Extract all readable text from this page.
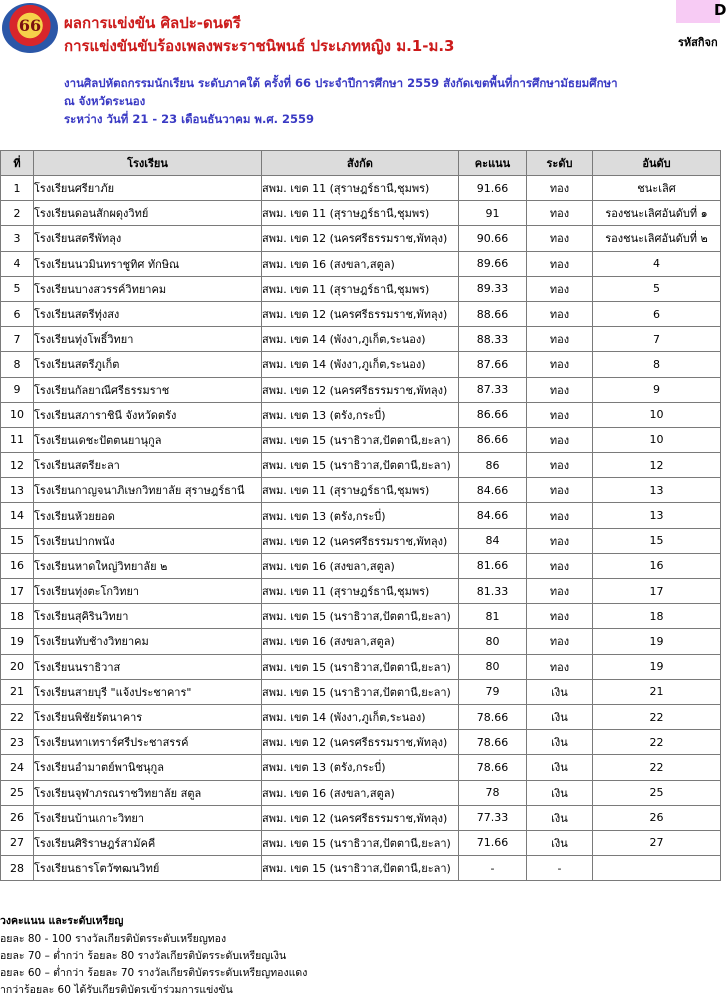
66	ผลการแข่งขัน ศิลปะ-ดนตรี
การแข่งขันขับร้องเพลงพระราชนิพนธ์ ประเภทหญิง ม.1-ม.3
D
รหัสกิจก
งานศิลปหัตถกรรมนักเรียน ระดับภาคใต้ ครั้งที่ 66 ประจำปีการศึกษา 2559 สังกัดเขตพื้นที่การศึกษามัธยมศึกษา
ณ จังหวัดระนอง
ระหว่าง วันที่ 21 - 23 เดือนธันวาคม พ.ศ. 2559
ที่	โรงเรียน	สังกัด	คะแนน	ระดับ	อันดับ
1	โรงเรียนศรียาภัย	สพม. เขต 11 (สุราษฎร์ธานี,ชุมพร)	91.66	ทอง	ชนะเลิศ
2	โรงเรียนดอนสักผดุงวิทย์	สพม. เขต 11 (สุราษฎร์ธานี,ชุมพร)	91	ทอง	รองชนะเลิศอันดับที่ ๑
3	โรงเรียนสตรีพัทลุง	สพม. เขต 12 (นครศรีธรรมราช,พัทลุง)	90.66	ทอง	รองชนะเลิศอันดับที่ ๒
4	โรงเรียนนวมินทราชูทิศ ทักษิณ	สพม. เขต 16 (สงขลา,สตูล)	89.66	ทอง	4
5	โรงเรียนบางสวรรค์วิทยาคม	สพม. เขต 11 (สุราษฎร์ธานี,ชุมพร)	89.33	ทอง	5
6	โรงเรียนสตรีทุ่งสง	สพม. เขต 12 (นครศรีธรรมราช,พัทลุง)	88.66	ทอง	6
7	โรงเรียนทุ่งโพธิ์วิทยา	สพม. เขต 14 (พังงา,ภูเก็ต,ระนอง)	88.33	ทอง	7
8	โรงเรียนสตรีภูเก็ต	สพม. เขต 14 (พังงา,ภูเก็ต,ระนอง)	87.66	ทอง	8
9	โรงเรียนกัลยาณีศรีธรรมราช	สพม. เขต 12 (นครศรีธรรมราช,พัทลุง)	87.33	ทอง	9
10	โรงเรียนสภาราชินี จังหวัดตรัง	สพม. เขต 13 (ตรัง,กระบี่)	86.66	ทอง	10
11	โรงเรียนเดชะปัตตนยานุกูล	สพม. เขต 15 (นราธิวาส,ปัตตานี,ยะลา)	86.66	ทอง	10
12	โรงเรียนสตรียะลา	สพม. เขต 15 (นราธิวาส,ปัตตานี,ยะลา)	86	ทอง	12
13	โรงเรียนกาญจนาภิเษกวิทยาลัย สุราษฎร์ธานี	สพม. เขต 11 (สุราษฎร์ธานี,ชุมพร)	84.66	ทอง	13
14	โรงเรียนห้วยยอด	สพม. เขต 13 (ตรัง,กระบี่)	84.66	ทอง	13
15	โรงเรียนปากพนัง	สพม. เขต 12 (นครศรีธรรมราช,พัทลุง)	84	ทอง	15
16	โรงเรียนหาดใหญ่วิทยาลัย ๒	สพม. เขต 16 (สงขลา,สตูล)	81.66	ทอง	16
17	โรงเรียนทุ่งตะโกวิทยา	สพม. เขต 11 (สุราษฎร์ธานี,ชุมพร)	81.33	ทอง	17
18	โรงเรียนสุคิรินวิทยา	สพม. เขต 15 (นราธิวาส,ปัตตานี,ยะลา)	81	ทอง	18
19	โรงเรียนทับช้างวิทยาคม	สพม. เขต 16 (สงขลา,สตูล)	80	ทอง	19
20	โรงเรียนนราธิวาส	สพม. เขต 15 (นราธิวาส,ปัตตานี,ยะลา)	80	ทอง	19
21	โรงเรียนสายบุรี "แจ้งประชาคาร"	สพม. เขต 15 (นราธิวาส,ปัตตานี,ยะลา)	79	เงิน	21
22	โรงเรียนพิชัยรัตนาคาร	สพม. เขต 14 (พังงา,ภูเก็ต,ระนอง)	78.66	เงิน	22
23	โรงเรียนทาเทราร์ศรีประชาสรรค์	สพม. เขต 12 (นครศรีธรรมราช,พัทลุง)	78.66	เงิน	22
24	โรงเรียนอำมาตย์พานิชนุกูล	สพม. เขต 13 (ตรัง,กระบี่)	78.66	เงิน	22
25	โรงเรียนจุฬาภรณราชวิทยาลัย สตูล	สพม. เขต 16 (สงขลา,สตูล)	78	เงิน	25
26	โรงเรียนบ้านเกาะวิทยา	สพม. เขต 12 (นครศรีธรรมราช,พัทลุง)	77.33	เงิน	26
27	โรงเรียนศิริราษฎร์สามัคคี	สพม. เขต 15 (นราธิวาส,ปัตตานี,ยะลา)	71.66	เงิน	27
28	โรงเรียนธารโตวัฑฒนวิทย์	สพม. เขต 15 (นราธิวาส,ปัตตานี,ยะลา)	-	-	
วงคะแนน และระดับเหรียญ
อยละ 80 - 100 รางวัลเกียรติบัตรระดับเหรียญทอง
อยละ 70 – ต่ำกว่า ร้อยละ 80 รางวัลเกียรติบัตรระดับเหรียญเงิน
อยละ 60 – ต่ำกว่า ร้อยละ 70 รางวัลเกียรติบัตรระดับเหรียญทองแดง
ำกว่าร้อยละ 60 ได้รับเกียรติบัตรเข้าร่วมการแข่งขัน
